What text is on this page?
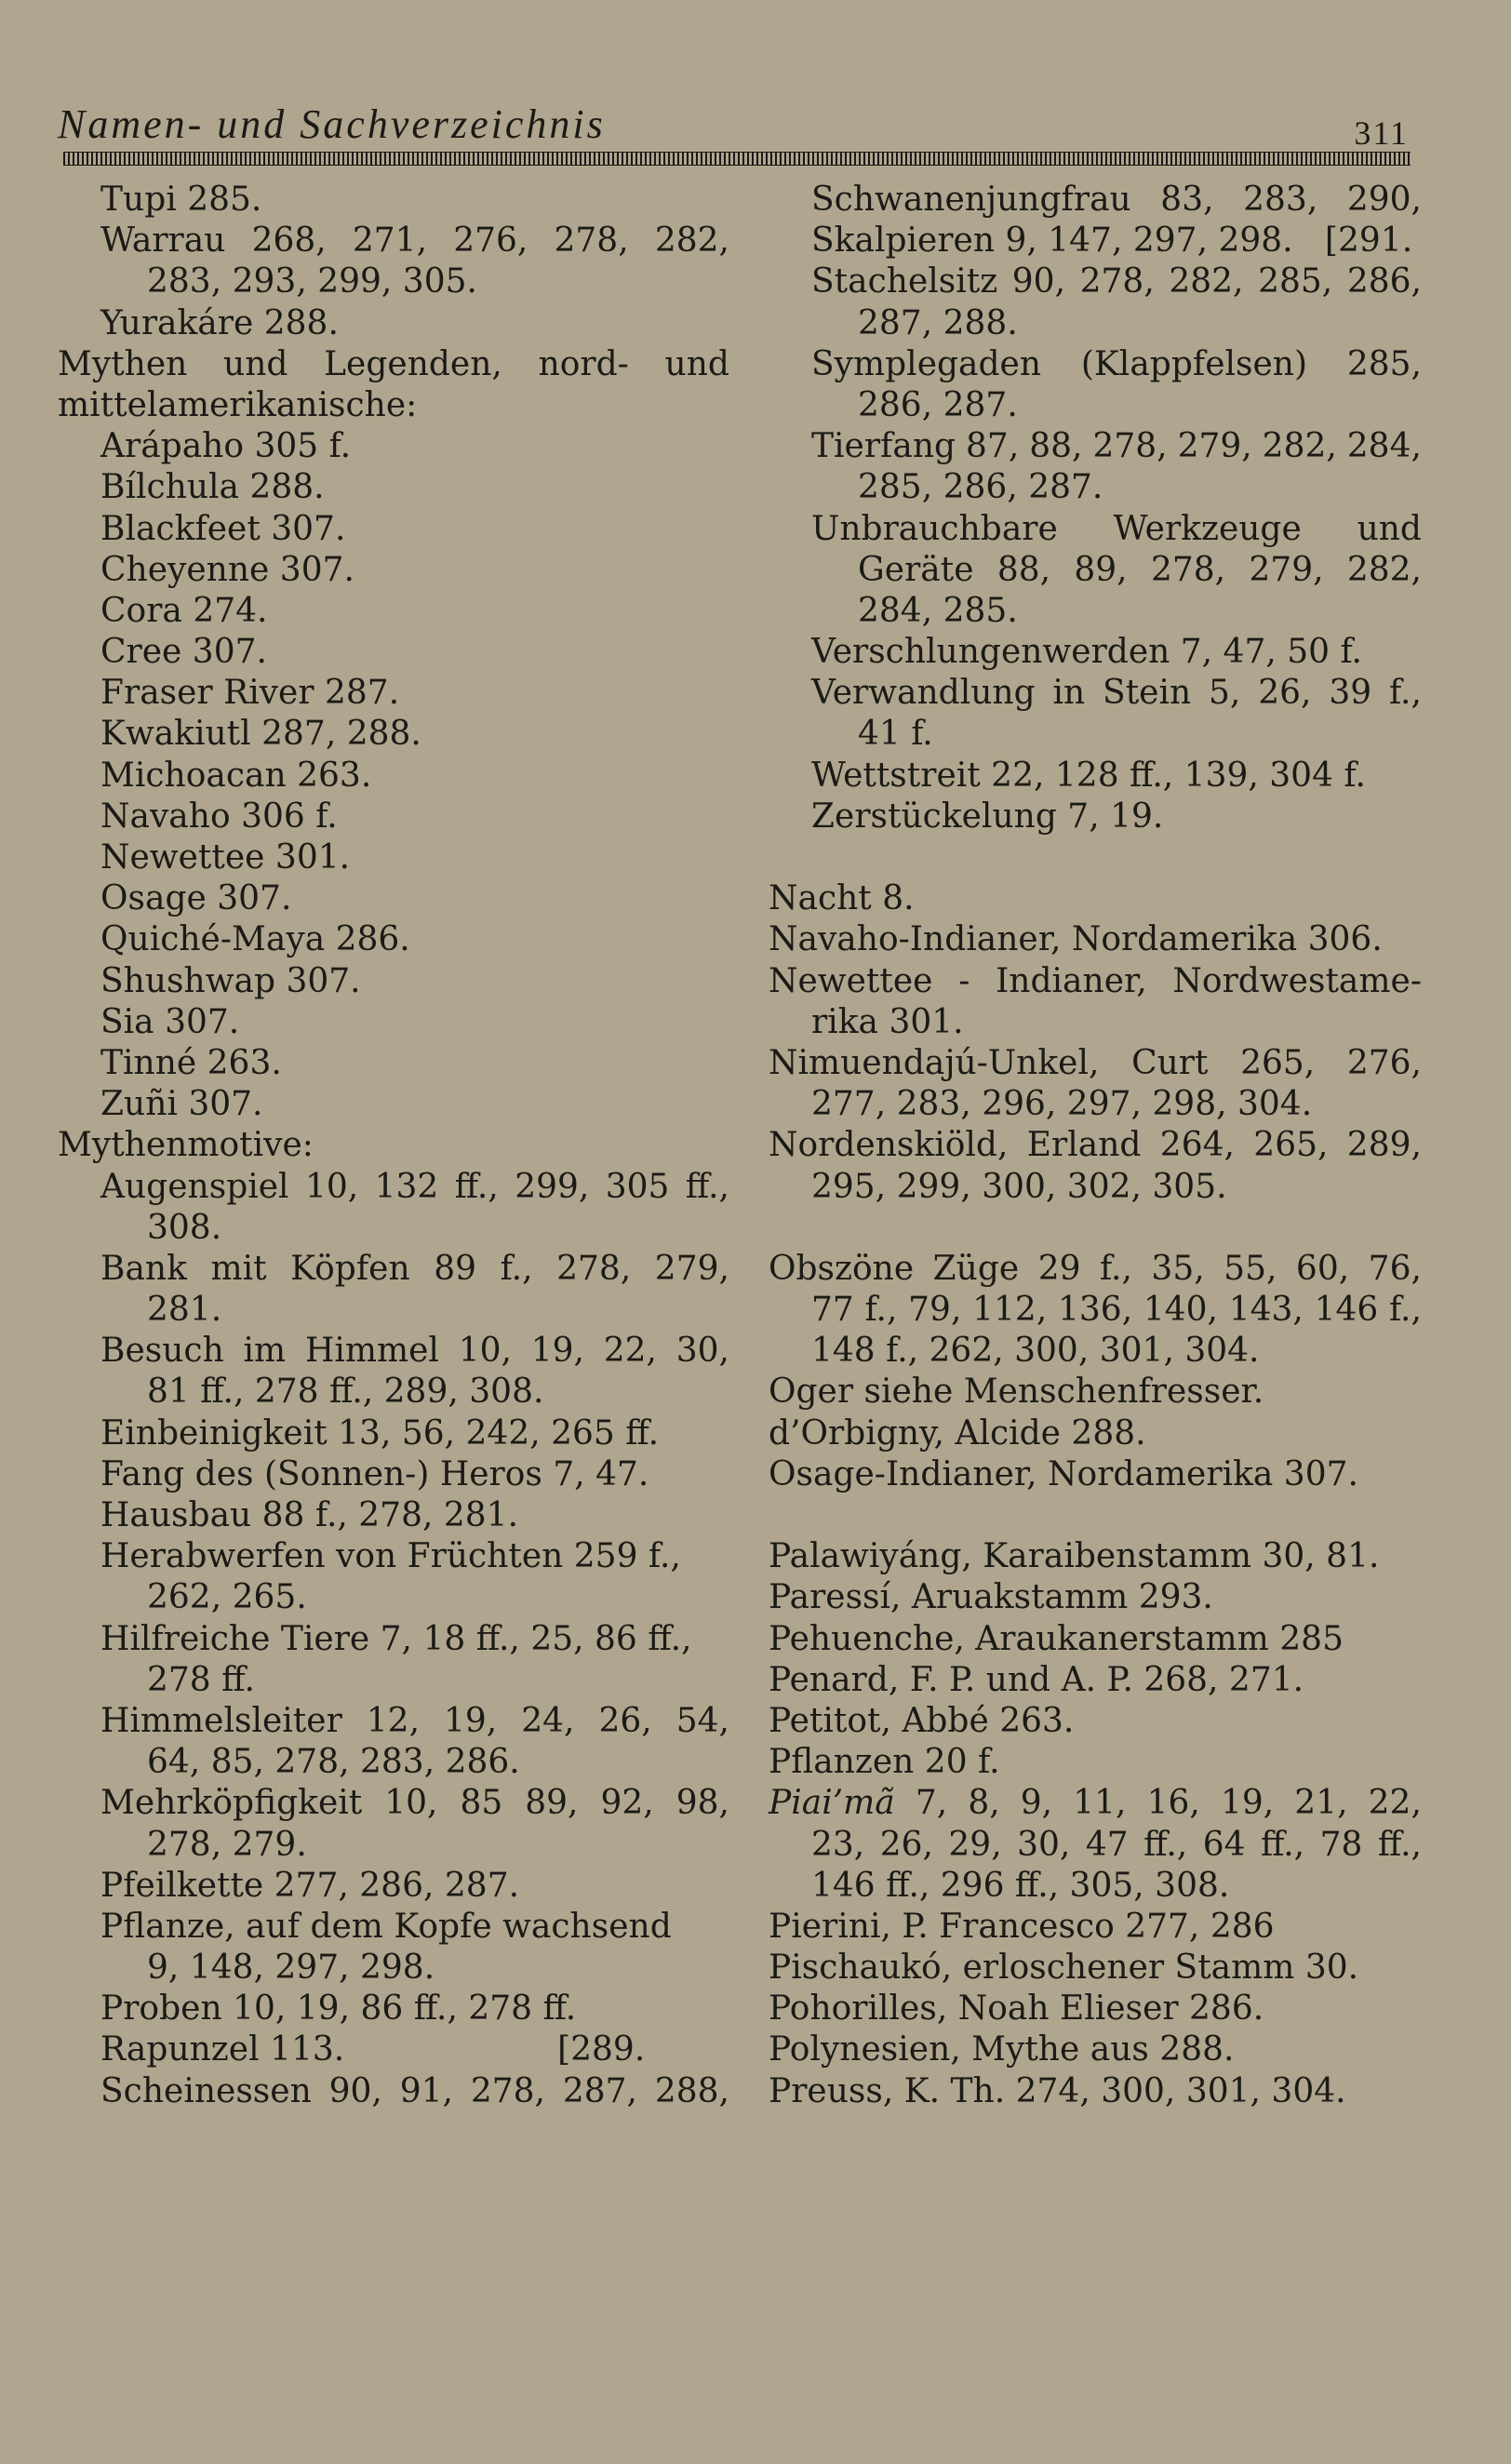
Namen- und Sachverzeichnis	311
Tupi 285.
Warrau 268, 271, 276, 278, 282,
283, 293, 299, 305.
Yurakáre 288.
Mythen und Legenden, nord- und
mittelamerikanische:
Arápaho 305 f.
Bílchula 288.
Blackfeet 307.
Cheyenne 307.
Cora 274.
Cree 307.
Fraser River 287.
Kwakiutl 287, 288.
Michoacan 263.
Navaho 306 f.
Newettee 301.
Osage 307.
Quiché-Maya 286.
Shushwap 307.
Sia 307.
Tinné 263.
Zuñi 307.
Mythenmotive:
Augenspiel 10, 132 ff., 299, 305 ff.,
308.
Bank mit Köpfen 89 f., 278, 279,
281.
Besuch im Himmel 10, 19, 22, 30,
81 ff., 278 ff., 289, 308.
Einbeinigkeit 13, 56, 242, 265 ff.
Fang des (Sonnen-) Heros 7, 47.
Hausbau 88 f., 278, 281.
Herabwerfen von Früchten 259 f.,
262, 265.
Hilfreiche Tiere 7, 18 ff., 25, 86 ff.,
278 ff.
Himmelsleiter 12, 19, 24, 26, 54,
64, 85, 278, 283, 286.
Mehrköpfigkeit 10, 85 89, 92, 98,
278, 279.
Pfeilkette 277, 286, 287.
Pflanze, auf dem Kopfe wachsend
9, 148, 297, 298.
Proben 10, 19, 86 ff., 278 ff.
Rapunzel 113.                    [289.
Scheinessen 90, 91, 278, 287, 288,
Schwanenjungfrau 83, 283, 290,
Skalpieren 9, 147, 297, 298.   [291.
Stachelsitz 90, 278, 282, 285, 286,
287, 288.
Symplegaden (Klappfelsen) 285,
286, 287.
Tierfang 87, 88, 278, 279, 282, 284,
285, 286, 287.
Unbrauchbare Werkzeuge und
Geräte 88, 89, 278, 279, 282,
284, 285.
Verschlungenwerden 7, 47, 50 f.
Verwandlung in Stein 5, 26, 39 f.,
41 f.
Wettstreit 22, 128 ff., 139, 304 f.
Zerstückelung 7, 19.
Nacht 8.
Navaho-Indianer, Nordamerika 306.
Newettee - Indianer, Nordwestame-
rika 301.
Nimuendajú-Unkel, Curt 265, 276,
277, 283, 296, 297, 298, 304.
Nordenskiöld, Erland 264, 265, 289,
295, 299, 300, 302, 305.
Obszöne Züge 29 f., 35, 55, 60, 76,
77 f., 79, 112, 136, 140, 143, 146 f.,
148 f., 262, 300, 301, 304.
Oger siehe Menschenfresser.
d’Orbigny, Alcide 288.
Osage-Indianer, Nordamerika 307.
Palawiyáng, Karaibenstamm 30, 81.
Paressí, Aruakstamm 293.
Pehuenche, Araukanerstamm 285
Penard, F. P. und A. P. 268, 271.
Petitot, Abbé 263.
Pflanzen 20 f.
Piai’mã 7, 8, 9, 11, 16, 19, 21, 22,
23, 26, 29, 30, 47 ff., 64 ff., 78 ff.,
146 ff., 296 ff., 305, 308.
Pierini, P. Francesco 277, 286
Pischaukó, erloschener Stamm 30.
Pohorilles, Noah Elieser 286.
Polynesien, Mythe aus 288.
Preuss, K. Th. 274, 300, 301, 304.
